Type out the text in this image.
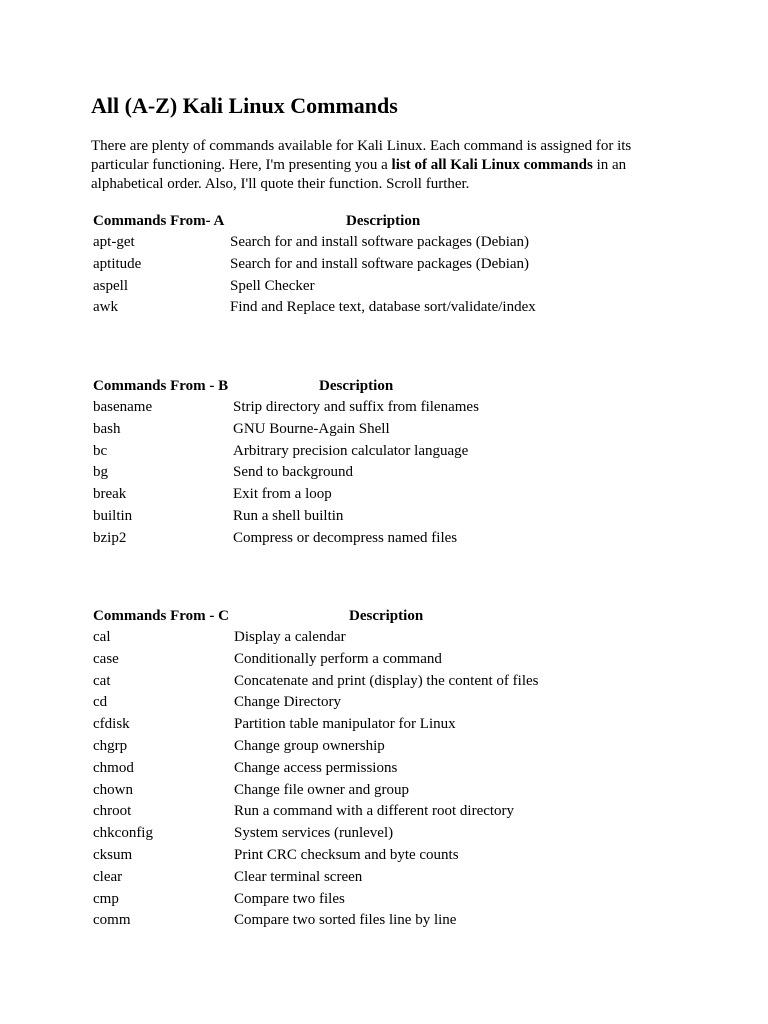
All (A-Z) Kali Linux Commands

There are plenty of commands available for Kali Linux. Each command is assigned for its particular functioning. Here, I'm presenting you a list of all Kali Linux commands in an alphabetical order. Also, I'll quote their function. Scroll further.

Commands From- A	Description
apt-get	Search for and install software packages (Debian)
aptitude	Search for and install software packages (Debian)
aspell	Spell Checker
awk	Find and Replace text, database sort/validate/index
Commands From - B	Description
basename	Strip directory and suffix from filenames
bash	GNU Bourne-Again Shell
bc	Arbitrary precision calculator language
bg	Send to background
break	Exit from a loop
builtin	Run a shell builtin
bzip2	Compress or decompress named files
Commands From - C	Description
cal	Display a calendar
case	Conditionally perform a command
cat	Concatenate and print (display) the content of files
cd	Change Directory
cfdisk	Partition table manipulator for Linux
chgrp	Change group ownership
chmod	Change access permissions
chown	Change file owner and group
chroot	Run a command with a different root directory
chkconfig	System services (runlevel)
cksum	Print CRC checksum and byte counts
clear	Clear terminal screen
cmp	Compare two files
comm	Compare two sorted files line by line
